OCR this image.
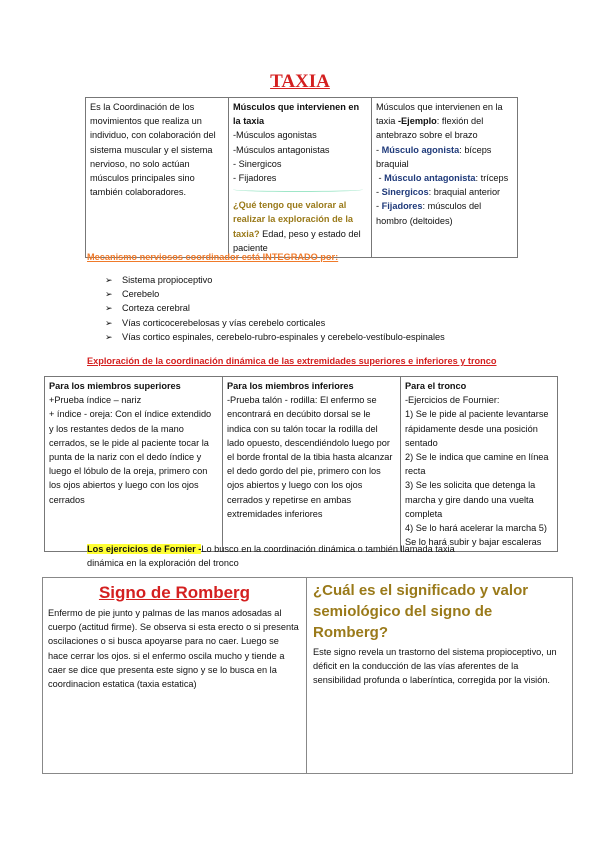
TAXIA
Es la Coordinación de los movimientos que realiza un individuo, con colaboración del sistema muscular y el sistema nervioso, no solo actúan músculos principales sino también colaboradores.	
Músculos que intervienen en la taxia
-Músculos agonistas
-Músculos antagonistas
- Sinergicos
- Fijadores
¿Qué tengo que valorar al realizar la exploración de la taxia? Edad, peso y estado del paciente

Músculos que intervienen en la taxia -Ejemplo: flexión del antebrazo sobre el brazo
- Músculo agonista: bíceps braquial
- Músculo antagonista: tríceps
- Sinergicos: braquial anterior
- Fijadores: músculos del hombro (deltoides)
Mecanismo nerviosos coordinador está INTEGRADO por:
➢ Sistema propioceptivo
➢ Cerebelo
➢ Corteza cerebral
➢ Vías corticocerebelosas y vías cerebelo corticales
➢ Vías cortico espinales, cerebelo-rubro-espinales y cerebelo-vestíbulo-espinales
Exploración de la coordinación dinámica de las extremidades superiores e inferiores y tronco
Para los miembros superiores
+Prueba índice – nariz
+ índice - oreja: Con el índice extendido y los restantes dedos de la mano cerrados, se le pide al paciente tocar la punta de la nariz con el dedo índice y luego el lóbulo de la oreja, primero con los ojos abiertos y luego con los ojos cerrados

Para los miembros inferiores
-Prueba talón - rodilla: El enfermo se encontrará en decúbito dorsal se le indica con su talón tocar la rodilla del lado opuesto, descendiéndolo luego por el borde frontal de la tibia hasta alcanzar el dedo gordo del pie, primero con los ojos abiertos y luego con los ojos cerrados y repetirse en ambas extremidades inferiores

Para el tronco
-Ejercicios de Fournier:
1) Se le pide al paciente levantarse rápidamente desde una posición sentado
2) Se le indica que camine en línea recta
3) Se les solicita que detenga la marcha y gire dando una vuelta completa
4) Se lo hará acelerar la marcha 5) Se lo hará subir y bajar escaleras
Los ejercicios de Fornier -Lo busco en la coordinación dinámica o también llamada taxia dinámica en la exploración del tronco
Signo de Romberg
Enfermo de pie junto y palmas de las manos adosadas al cuerpo (actitud firme). Se observa si esta erecto o si presenta oscilaciones o si busca apoyarse para no caer. Luego se hace cerrar los ojos. si el enfermo oscila mucho y tiende a caer se dice que presenta este signo y se lo busca en la coordinacion estatica (taxia estatica)
¿Cuál es el significado y valor semiológico del signo de Romberg?
Este signo revela un trastorno del sistema propioceptivo, un déficit en la conducción de las vías aferentes de la sensibilidad profunda o laberíntica, corregida por la visión.
